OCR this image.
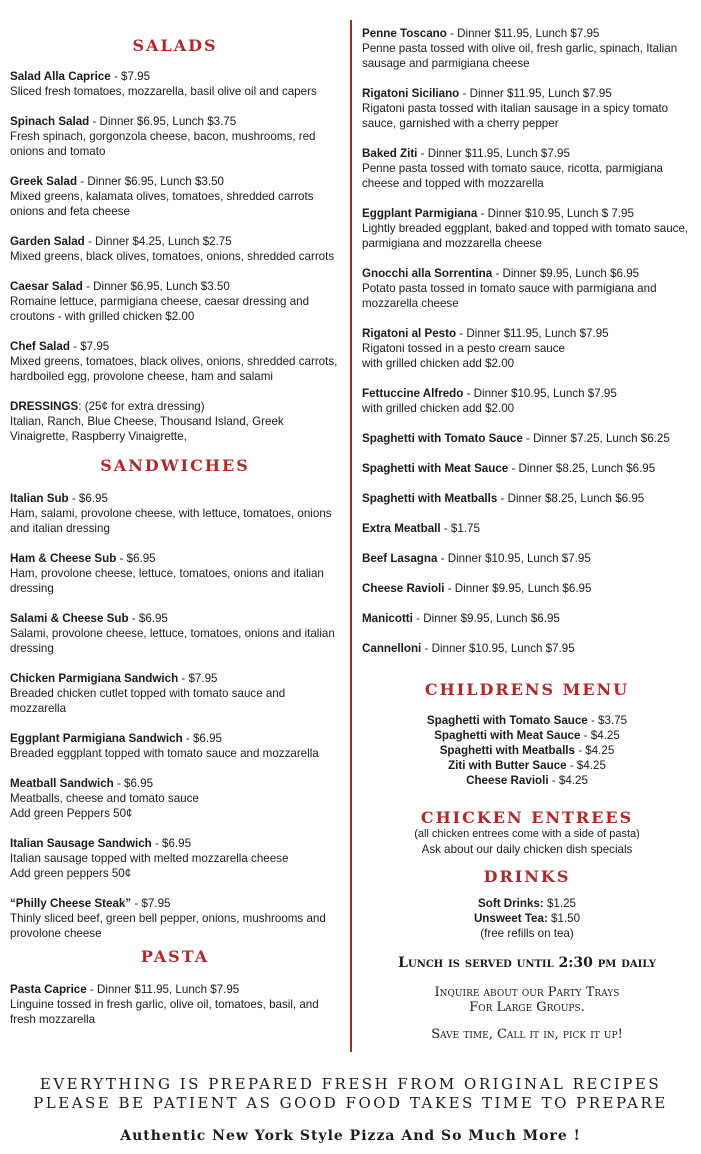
SALADS
Salad Alla Caprice - $7.95
Sliced fresh tomatoes, mozzarella, basil olive oil and capers
Spinach Salad - Dinner $6.95, Lunch $3.75
Fresh spinach, gorgonzola cheese, bacon, mushrooms, red onions and tomato
Greek Salad - Dinner $6.95, Lunch $3.50
Mixed greens, kalamata olives, tomatoes, shredded carrots onions and feta cheese
Garden Salad - Dinner $4.25, Lunch $2.75
Mixed greens, black olives, tomatoes, onions, shredded carrots
Caesar Salad - Dinner $6.95, Lunch $3.50
Romaine lettuce, parmigiana cheese, caesar dressing and croutons - with grilled chicken $2.00
Chef Salad - $7.95
Mixed greens, tomatoes, black olives, onions, shredded carrots, hardboiled egg, provolone cheese, ham and salami
DRESSINGS: (25¢ for extra dressing)
Italian, Ranch, Blue Cheese, Thousand Island, Greek Vinaigrette, Raspberry Vinaigrette,
SANDWICHES
Italian Sub - $6.95
Ham, salami, provolone cheese, with lettuce, tomatoes, onions and italian dressing
Ham & Cheese Sub - $6.95
Ham, provolone cheese, lettuce, tomatoes, onions and italian dressing
Salami & Cheese Sub - $6.95
Salami, provolone cheese, lettuce, tomatoes, onions and italian dressing
Chicken Parmigiana Sandwich - $7.95
Breaded chicken cutlet topped with tomato sauce and mozzarella
Eggplant Parmigiana Sandwich - $6.95
Breaded eggplant topped with tomato sauce and mozzarella
Meatball Sandwich - $6.95
Meatballs, cheese and tomato sauce
Add green Peppers 50¢
Italian Sausage Sandwich - $6.95
Italian sausage topped with melted mozzarella cheese
Add green peppers 50¢
“Philly Cheese Steak” - $7.95
Thinly sliced beef, green bell pepper, onions, mushrooms and provolone cheese
PASTA
Pasta Caprice - Dinner $11.95, Lunch $7.95
Linguine tossed in fresh garlic, olive oil, tomatoes, basil, and fresh mozzarella
Penne Toscano - Dinner $11.95, Lunch $7.95
Penne pasta tossed with olive oil, fresh garlic, spinach, Italian sausage and parmigiana cheese
Rigatoni Siciliano - Dinner $11.95, Lunch $7.95
Rigatoni pasta tossed with italian sausage in a spicy tomato sauce, garnished with a cherry pepper
Baked Ziti - Dinner $11.95, Lunch $7.95
Penne pasta tossed with tomato sauce, ricotta, parmigiana cheese and topped with mozzarella
Eggplant Parmigiana - Dinner $10.95, Lunch $ 7.95
Lightly breaded eggplant, baked and topped with tomato sauce, parmigiana and mozzarella cheese
Gnocchi alla Sorrentina - Dinner $9.95, Lunch $6.95
Potato pasta tossed in tomato sauce with parmigiana and mozzarella cheese
Rigatoni al Pesto - Dinner $11.95, Lunch $7.95
Rigatoni tossed in a pesto cream sauce
with grilled chicken add $2.00
Fettuccine Alfredo - Dinner $10.95, Lunch $7.95
with grilled chicken add $2.00
Spaghetti with Tomato Sauce - Dinner $7.25, Lunch $6.25
Spaghetti with Meat Sauce - Dinner $8.25, Lunch $6.95
Spaghetti with Meatballs - Dinner $8.25, Lunch $6.95
Extra Meatball - $1.75
Beef Lasagna - Dinner $10.95, Lunch $7.95
Cheese Ravioli - Dinner $9.95, Lunch $6.95
Manicotti - Dinner $9.95, Lunch $6.95
Cannelloni - Dinner $10.95, Lunch $7.95
CHILDRENS MENU
Spaghetti with Tomato Sauce - $3.75
Spaghetti with Meat Sauce - $4.25
Spaghetti with Meatballs - $4.25
Ziti with Butter Sauce - $4.25
Cheese Ravioli - $4.25
CHICKEN ENTREES
(all chicken entrees come with a side of pasta)
Ask about our daily chicken dish specials
DRINKS
Soft Drinks: $1.25
Unsweet Tea: $1.50
(free refills on tea)
Lunch is served until 2:30 pm daily
Inquire about our Party Trays
For Large Groups.
Save time, Call it in, pick it up!
EVERYTHING IS PREPARED FRESH FROM ORIGINAL RECIPES
PLEASE BE PATIENT AS GOOD FOOD TAKES TIME TO PREPARE
Authentic New York Style Pizza And So Much More !
